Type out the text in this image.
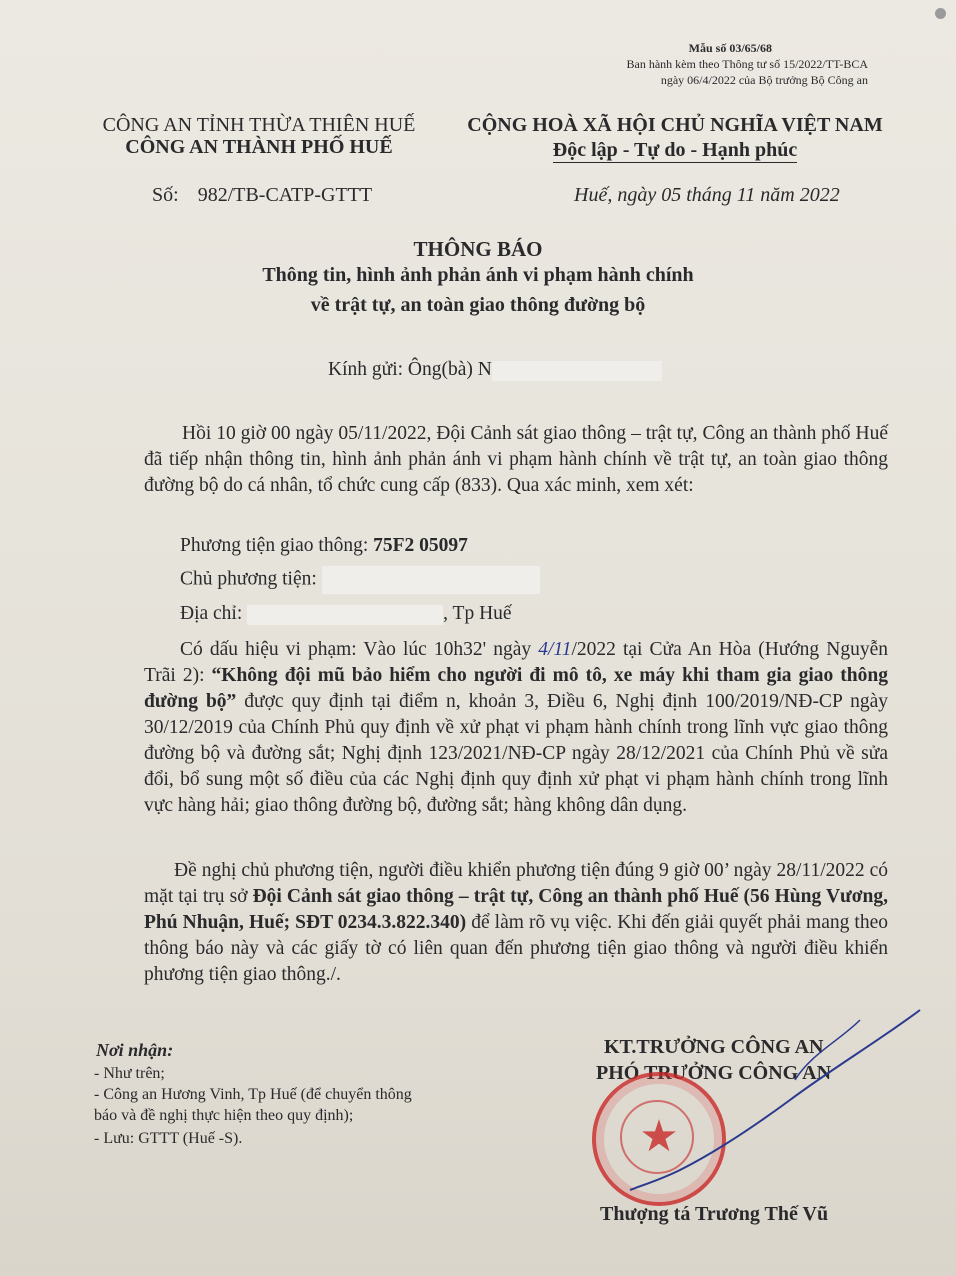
Mẫu số 03/65/68
Ban hành kèm theo Thông tư số 15/2022/TT-BCA
ngày 06/4/2022 của Bộ trưởng Bộ Công an
CÔNG AN TỈNH THỪA THIÊN HUẾ
CÔNG AN THÀNH PHỐ HUẾ
Số: 982/TB-CATP-GTTT
CỘNG HOÀ XÃ HỘI CHỦ NGHĨA VIỆT NAM
Độc lập - Tự do - Hạnh phúc
Huế, ngày 05 tháng 11 năm 2022
THÔNG BÁO
Thông tin, hình ảnh phản ánh vi phạm hành chính
về trật tự, an toàn giao thông đường bộ
Kính gửi: Ông(bà) N
Hồi 10 giờ 00 ngày 05/11/2022, Đội Cảnh sát giao thông – trật tự, Công an thành phố Huế đã tiếp nhận thông tin, hình ảnh phản ánh vi phạm hành chính về trật tự, an toàn giao thông đường bộ do cá nhân, tổ chức cung cấp (833). Qua xác minh, xem xét:
Phương tiện giao thông: 75F2 05097
Chủ phương tiện:
Địa chỉ:	, Tp Huế
Có dấu hiệu vi phạm: Vào lúc 10h32' ngày 4/11/2022 tại Cửa An Hòa (Hướng Nguyễn Trãi 2): “Không đội mũ bảo hiểm cho người đi mô tô, xe máy khi tham gia giao thông đường bộ” được quy định tại điểm n, khoản 3, Điều 6, Nghị định 100/2019/NĐ-CP ngày 30/12/2019 của Chính Phủ quy định về xử phạt vi phạm hành chính trong lĩnh vực giao thông đường bộ và đường sắt; Nghị định 123/2021/NĐ-CP ngày 28/12/2021 của Chính Phủ về sửa đổi, bổ sung một số điều của các Nghị định quy định xử phạt vi phạm hành chính trong lĩnh vực hàng hải; giao thông đường bộ, đường sắt; hàng không dân dụng.
Đề nghị chủ phương tiện, người điều khiển phương tiện đúng 9 giờ 00’ ngày 28/11/2022 có mặt tại trụ sở Đội Cảnh sát giao thông – trật tự, Công an thành phố Huế (56 Hùng Vương, Phú Nhuận, Huế; SĐT 0234.3.822.340) để làm rõ vụ việc. Khi đến giải quyết phải mang theo thông báo này và các giấy tờ có liên quan đến phương tiện giao thông và người điều khiển phương tiện giao thông./.
Nơi nhận:
- Như trên;
- Công an Hương Vinh, Tp Huế (để chuyển thông
báo và đề nghị thực hiện theo quy định);
- Lưu: GTTT (Huế -S).
KT.TRƯỞNG CÔNG AN
PHÓ TRƯỞNG CÔNG AN
★
Thượng tá Trương Thế Vũ
